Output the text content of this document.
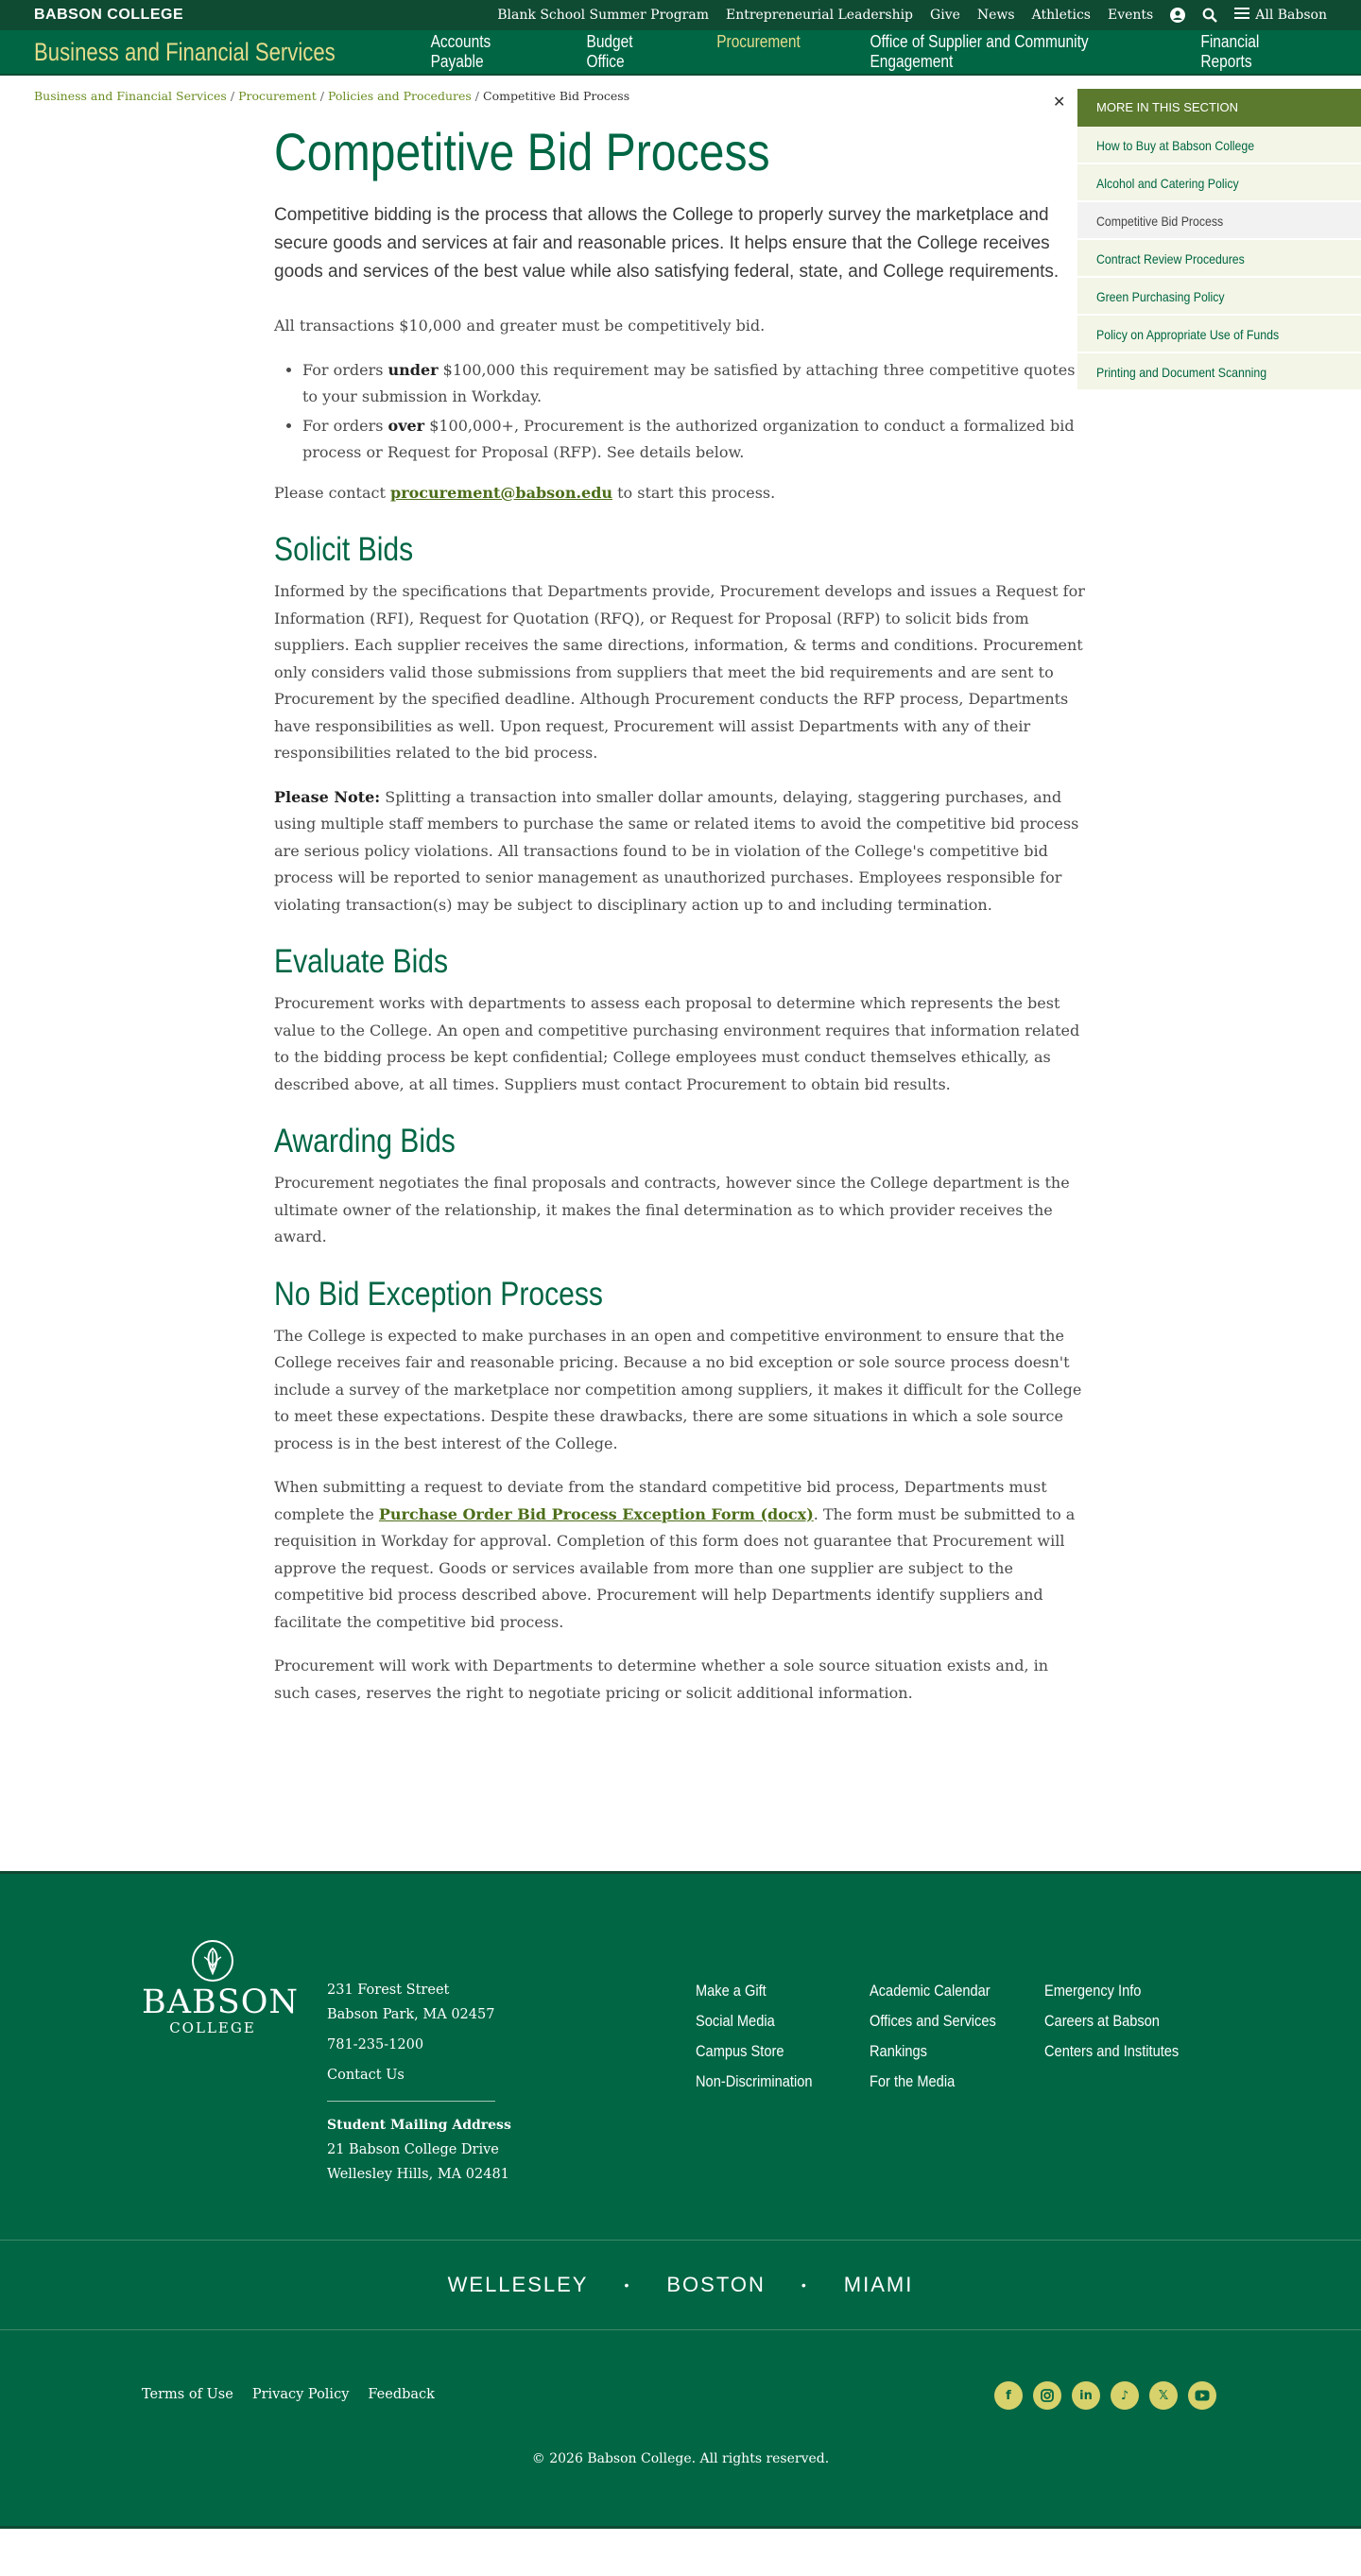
BABSON COLLEGE	Blank School Summer Program Entrepreneurial Leadership Give News Athletics Events	All Babson
Business and Financial Services	Accounts Payable
Budget Office
Procurement	Office of Supplier and Community Engagement
Financial Reports
Business and Financial Services / Procurement / Policies and Procedures / Competitive Bid Process	✕	MORE IN THIS SECTION
How to Buy at Babson College
Alcohol and Catering Policy
Competitive Bid Process
Contract Review Procedures
Green Purchasing Policy
Policy on Appropriate Use of Funds
Printing and Document Scanning
Competitive Bid Process
Competitive bidding is the process that allows the College to properly survey the marketplace and secure goods and services at fair and reasonable prices. It helps ensure that the College receives goods and services of the best value while also satisfying federal, state, and College requirements.

All transactions $10,000 and greater must be competitively bid.

• For orders under $100,000 this requirement may be satisfied by attaching three competitive quotes to your submission in Workday.
• For orders over $100,000+, Procurement is the authorized organization to conduct a formalized bid process or Request for Proposal (RFP). See details below.

Please contact procurement@babson.edu to start this process.

Solicit Bids

Informed by the specifications that Departments provide, Procurement develops and issues a Request for Information (RFI), Request for Quotation (RFQ), or Request for Proposal (RFP) to solicit bids from suppliers. Each supplier receives the same directions, information, & terms and conditions. Procurement only considers valid those submissions from suppliers that meet the bid requirements and are sent to Procurement by the specified deadline. Although Procurement conducts the RFP process, Departments have responsibilities as well. Upon request, Procurement will assist Departments with any of their responsibilities related to the bid process.

Please Note: Splitting a transaction into smaller dollar amounts, delaying, staggering purchases, and using multiple staff members to purchase the same or related items to avoid the competitive bid process are serious policy violations. All transactions found to be in violation of the College's competitive bid process will be reported to senior management as unauthorized purchases. Employees responsible for violating transaction(s) may be subject to disciplinary action up to and including termination.

Evaluate Bids

Procurement works with departments to assess each proposal to determine which represents the best value to the College. An open and competitive purchasing environment requires that information related to the bidding process be kept confidential; College employees must conduct themselves ethically, as described above, at all times. Suppliers must contact Procurement to obtain bid results.

Awarding Bids

Procurement negotiates the final proposals and contracts, however since the College department is the ultimate owner of the relationship, it makes the final determination as to which provider receives the award.

No Bid Exception Process

The College is expected to make purchases in an open and competitive environment to ensure that the College receives fair and reasonable pricing. Because a no bid exception or sole source process doesn't include a survey of the marketplace nor competition among suppliers, it makes it difficult for the College to meet these expectations. Despite these drawbacks, there are some situations in which a sole source process is in the best interest of the College.

When submitting a request to deviate from the standard competitive bid process, Departments must complete the Purchase Order Bid Process Exception Form (docx). The form must be submitted to a requisition in Workday for approval. Completion of this form does not guarantee that Procurement will approve the request. Goods or services available from more than one supplier are subject to the competitive bid process described above. Procurement will help Departments identify suppliers and facilitate the competitive bid process.

Procurement will work with Departments to determine whether a sole source situation exists and, in such cases, reserves the right to negotiate pricing or solicit additional information.

BABSON
COLLEGE
231 Forest Street
Babson Park, MA 02457
781-235-1200
Contact Us
Student Mailing Address
21 Babson College Drive
Wellesley Hills, MA 02481
Make a Gift
Social Media
Campus Store
Non-Discrimination
Academic Calendar
Offices and Services
Rankings
For the Media
Emergency Info
Careers at Babson
Centers and Institutes
WELLESLEY	• BOSTON	• MIAMI
Terms of Use Privacy Policy Feedback	f	in	♪	𝕏
© 2026 Babson College. All rights reserved.
